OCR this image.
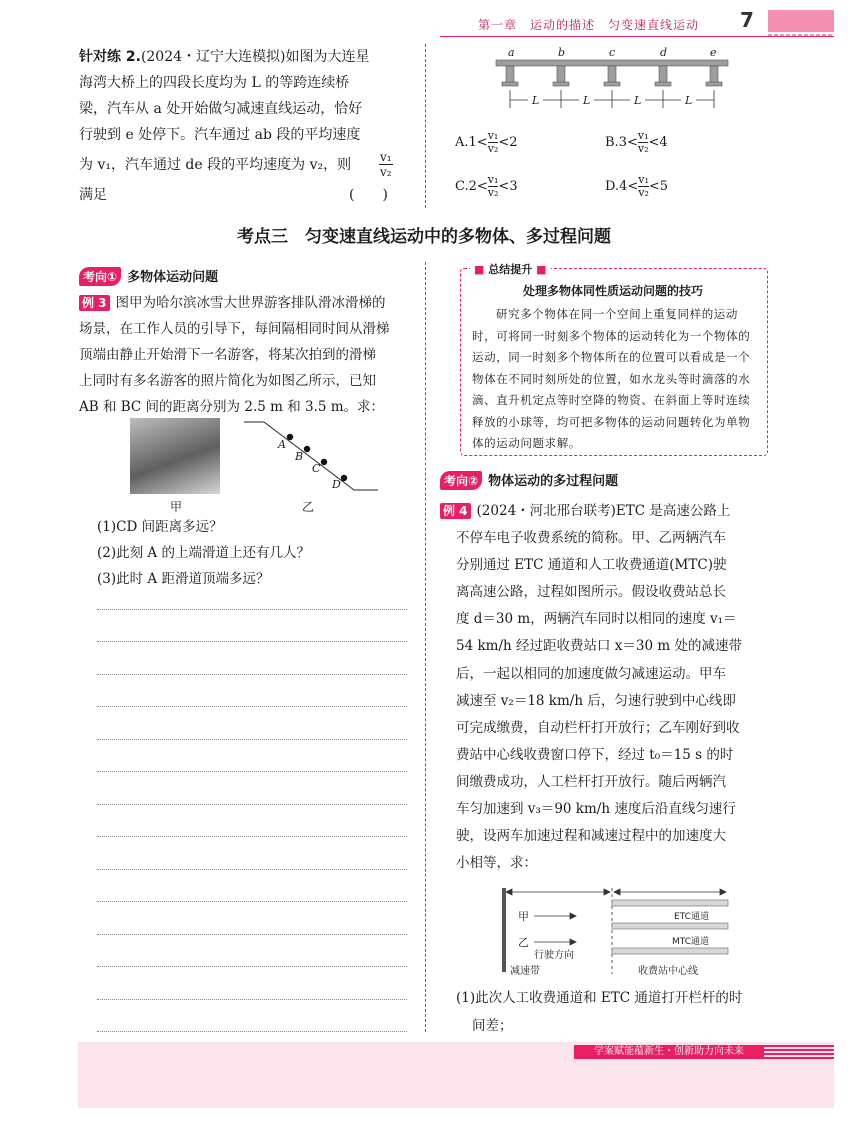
第一章　运动的描述　匀变速直线运动 7
针对练 2.(2024・辽宁大连模拟)如图为大连星
海湾大桥上的四段长度均为 L 的等跨连续桥
梁，汽车从 a 处开始做匀减速直线运动，恰好
行驶到 e 处停下。汽车通过 ab 段的平均速度
为 v₁，汽车通过 de 段的平均速度为 v₂，则 $\frac{\text{v₁}}{\text{v₂}}$
满足	(　　)
a	b	c	d	e
L	L	L	L
$A.1< \frac{\text{v₁}}{\text{v₂}} <2$	$B.3< \frac{\text{v₁}}{\text{v₂}} <4$
$C.2< \frac{\text{v₁}}{\text{v₂}} <3$	$D.4< \frac{\text{v₁}}{\text{v₂}} <5$
考点三　匀变速直线运动中的多物体、多过程问题
考向① 多物体运动问题
例 3 图甲为哈尔滨冰雪大世界游客排队滑冰滑梯的
场景，在工作人员的引导下，每间隔相同时间从滑梯
顶端由静止开始滑下一名游客，将某次拍到的滑梯
上同时有多名游客的照片简化为如图乙所示，已知
AB 和 BC 间的距离分别为 2.5 m 和 3.5 m。求：
甲
A
B
C
D
乙
(1)CD 间距离多远？
(2)此刻 A 的上端滑道上还有几人？
(3)此时 A 距滑道顶端多远？
■ 总结提升 ■
处理多物体同性质运动问题的技巧
研究多个物体在同一个空间上重复同样的运动时，可将同一时刻多个物体的运动转化为一个物体的运动，同一时刻多个物体所在的位置可以看成是一个物体在不同时刻所处的位置，如水龙头等时滴落的水滴、直升机定点等时空降的物资、在斜面上等时连续释放的小球等，均可把多物体的运动问题转化为单物体的运动问题求解。
考向② 物体运动的多过程问题
例 4 (2024・河北邢台联考)ETC 是高速公路上
不停车电子收费系统的简称。甲、乙两辆汽车
分别通过 ETC 通道和人工收费通道(MTC)驶
离高速公路，过程如图所示。假设收费站总长
度 d＝30 m，两辆汽车同时以相同的速度 v₁＝
54 km/h 经过距收费站口 x＝30 m 处的减速带
后，一起以相同的加速度做匀减速运动。甲车
减速至 v₂＝18 km/h 后，匀速行驶到中心线即
可完成缴费，自动栏杆打开放行；乙车刚好到收
费站中心线收费窗口停下，经过 t₀＝15 s 的时
间缴费成功，人工栏杆打开放行。随后两辆汽
车匀加速到 v₃＝90 km/h 速度后沿直线匀速行
驶，设两车加速过程和减速过程中的加速度大
小相等，求：
甲
乙
行驶方向
减速带	收费站中心线
ETC通道
MTC通道
(1)此次人工收费通道和 ETC 通道打开栏杆的时
间差；
学案赋能蕴新生・创新助力向未来
